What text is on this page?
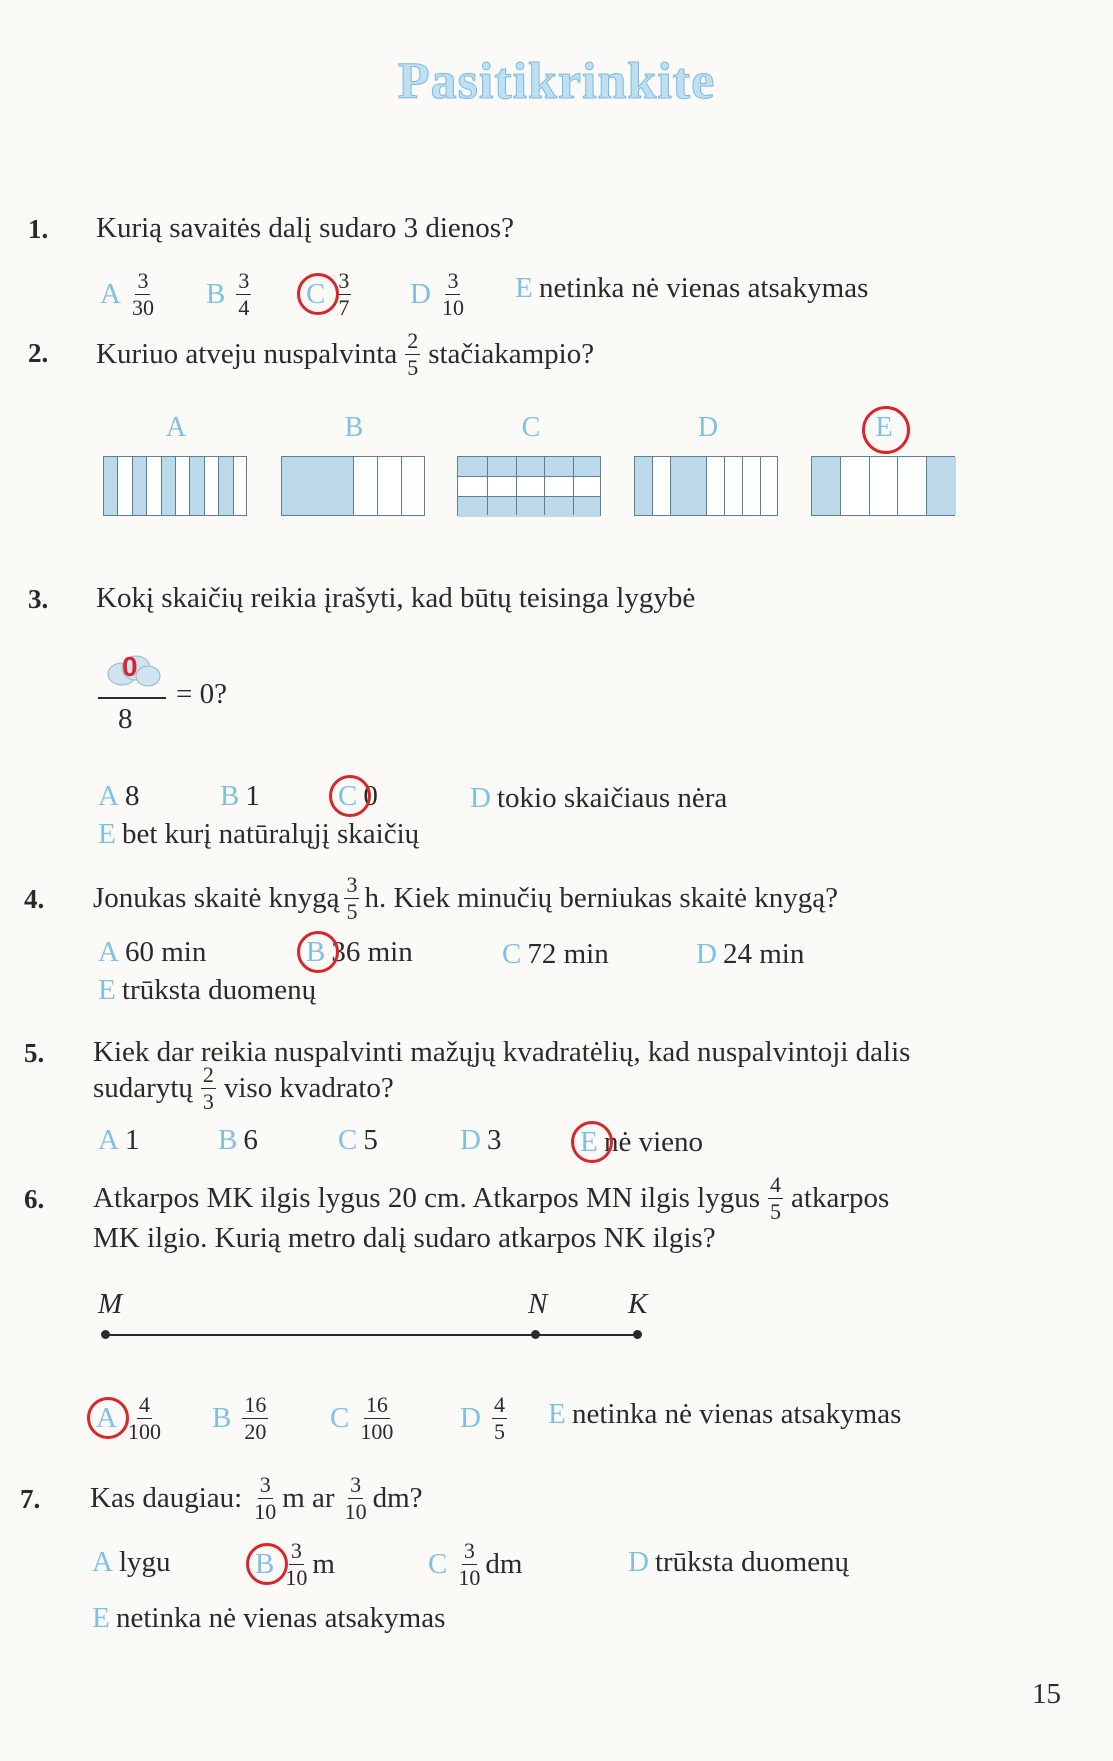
Pasitikrinkite
1. Kurią savaitės dalį sudaro 3 dienos?
A $\frac{3}{30}$ B $\frac{3}{4}$ C $\frac{3}{7}$ D $\frac{3}{10}$ E netinka nė vienas atsakymas
2. Kuriuo atveju nuspalvinta $\frac{2}{5}$ stačiakampio?
A	B	C	D	E
3. Kokį skaičių reikia įrašyti, kad būtų teisinga lygybė
0
8
= 0?
A 8	B 1	C 0	D tokio skaičiaus nėra
E bet kurį natūralųjį skaičių
4. Jonukas skaitė knygą $\frac{3}{5} h$. Kiek minučių berniukas skaitė knygą?
A 60 min	B 36 min	C 72 min	D 24 min
E trūksta duomenų
5. Kiek dar reikia nuspalvinti mažųjų kvadratėlių, kad nuspalvintoji dalis
sudarytų $\frac{2}{3}$ viso kvadrato?
A 1	B 6	C 5	D 3	E nė vieno
6. Atkarpos MK ilgis lygus 20 cm. Atkarpos MN ilgis lygus $\frac{4}{5}$ atkarpos
MK ilgio. Kurią metro dalį sudaro atkarpos NK ilgis?
M	N	K
A $\frac{4}{100}$ B $\frac{16}{20}$ C $\frac{16}{100}$ D $\frac{4}{5}$ E netinka nė vienas atsakymas
7. Kas daugiau: $\frac{3}{10}$ m ar $\frac{3}{10}$ dm?
A lygu	B $\frac{3}{10}$ m	C $\frac{3}{10}$ dm	D trūksta duomenų
E netinka nė vienas atsakymas
15
